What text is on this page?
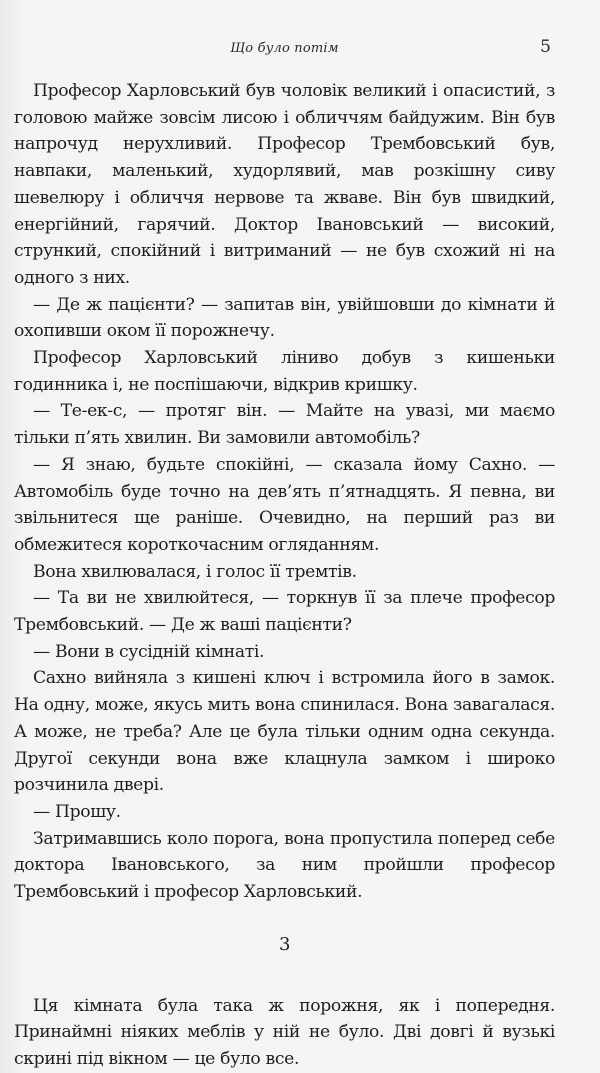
Що було потім	5

Професор Харловський був чоловік великий і опасистий, з головою майже зовсім лисою і обличчям байдужим. Він був напрочуд нерухливий. Професор Трембовський був, навпаки, маленький, худорлявий, мав розкішну сиву шевелюру і обличчя нервове та жваве. Він був швидкий, енергійний, гарячий. Доктор Івановський — високий, стрункий, спокійний і витриманий — не був схожий ні на одного з них.

— Де ж пацієнти? — запитав він, увійшовши до кімнати й охопивши оком її порожнечу.

Професор Харловський ліниво добув з кишеньки годинника і, не поспішаючи, відкрив кришку.

— Те-ек-с, — протяг він. — Майте на увазі, ми маємо тільки п’ять хвилин. Ви замовили автомобіль?

— Я знаю, будьте спокійні, — сказала йому Сахно. — Автомобіль буде точно на дев’ять п’ятнадцять. Я певна, ви звільнитеся ще раніше. Очевидно, на перший раз ви обмежитеся короткочасним огляданням.

Вона хвилювалася, і голос її тремтів.

— Та ви не хвилюйтеся, — торкнув її за плече професор Трембовський. — Де ж ваші пацієнти?

— Вони в сусідній кімнаті.

Сахно вийняла з кишені ключ і встромила його в замок. На одну, може, якусь мить вона спинилася. Вона завагалася. А може, не треба? Але це була тільки одним одна секунда. Другої секунди вона вже клацнула замком і широко розчинила двері.

— Прошу.

Затримавшись коло порога, вона пропустила поперед себе доктора Івановського, за ним пройшли професор Трембовський і професор Харловський.

3

Ця кімната була така ж порожня, як і попередня. Принаймні ніяких меблів у ній не було. Дві довгі й вузькі скрині під вікном — це було все.
